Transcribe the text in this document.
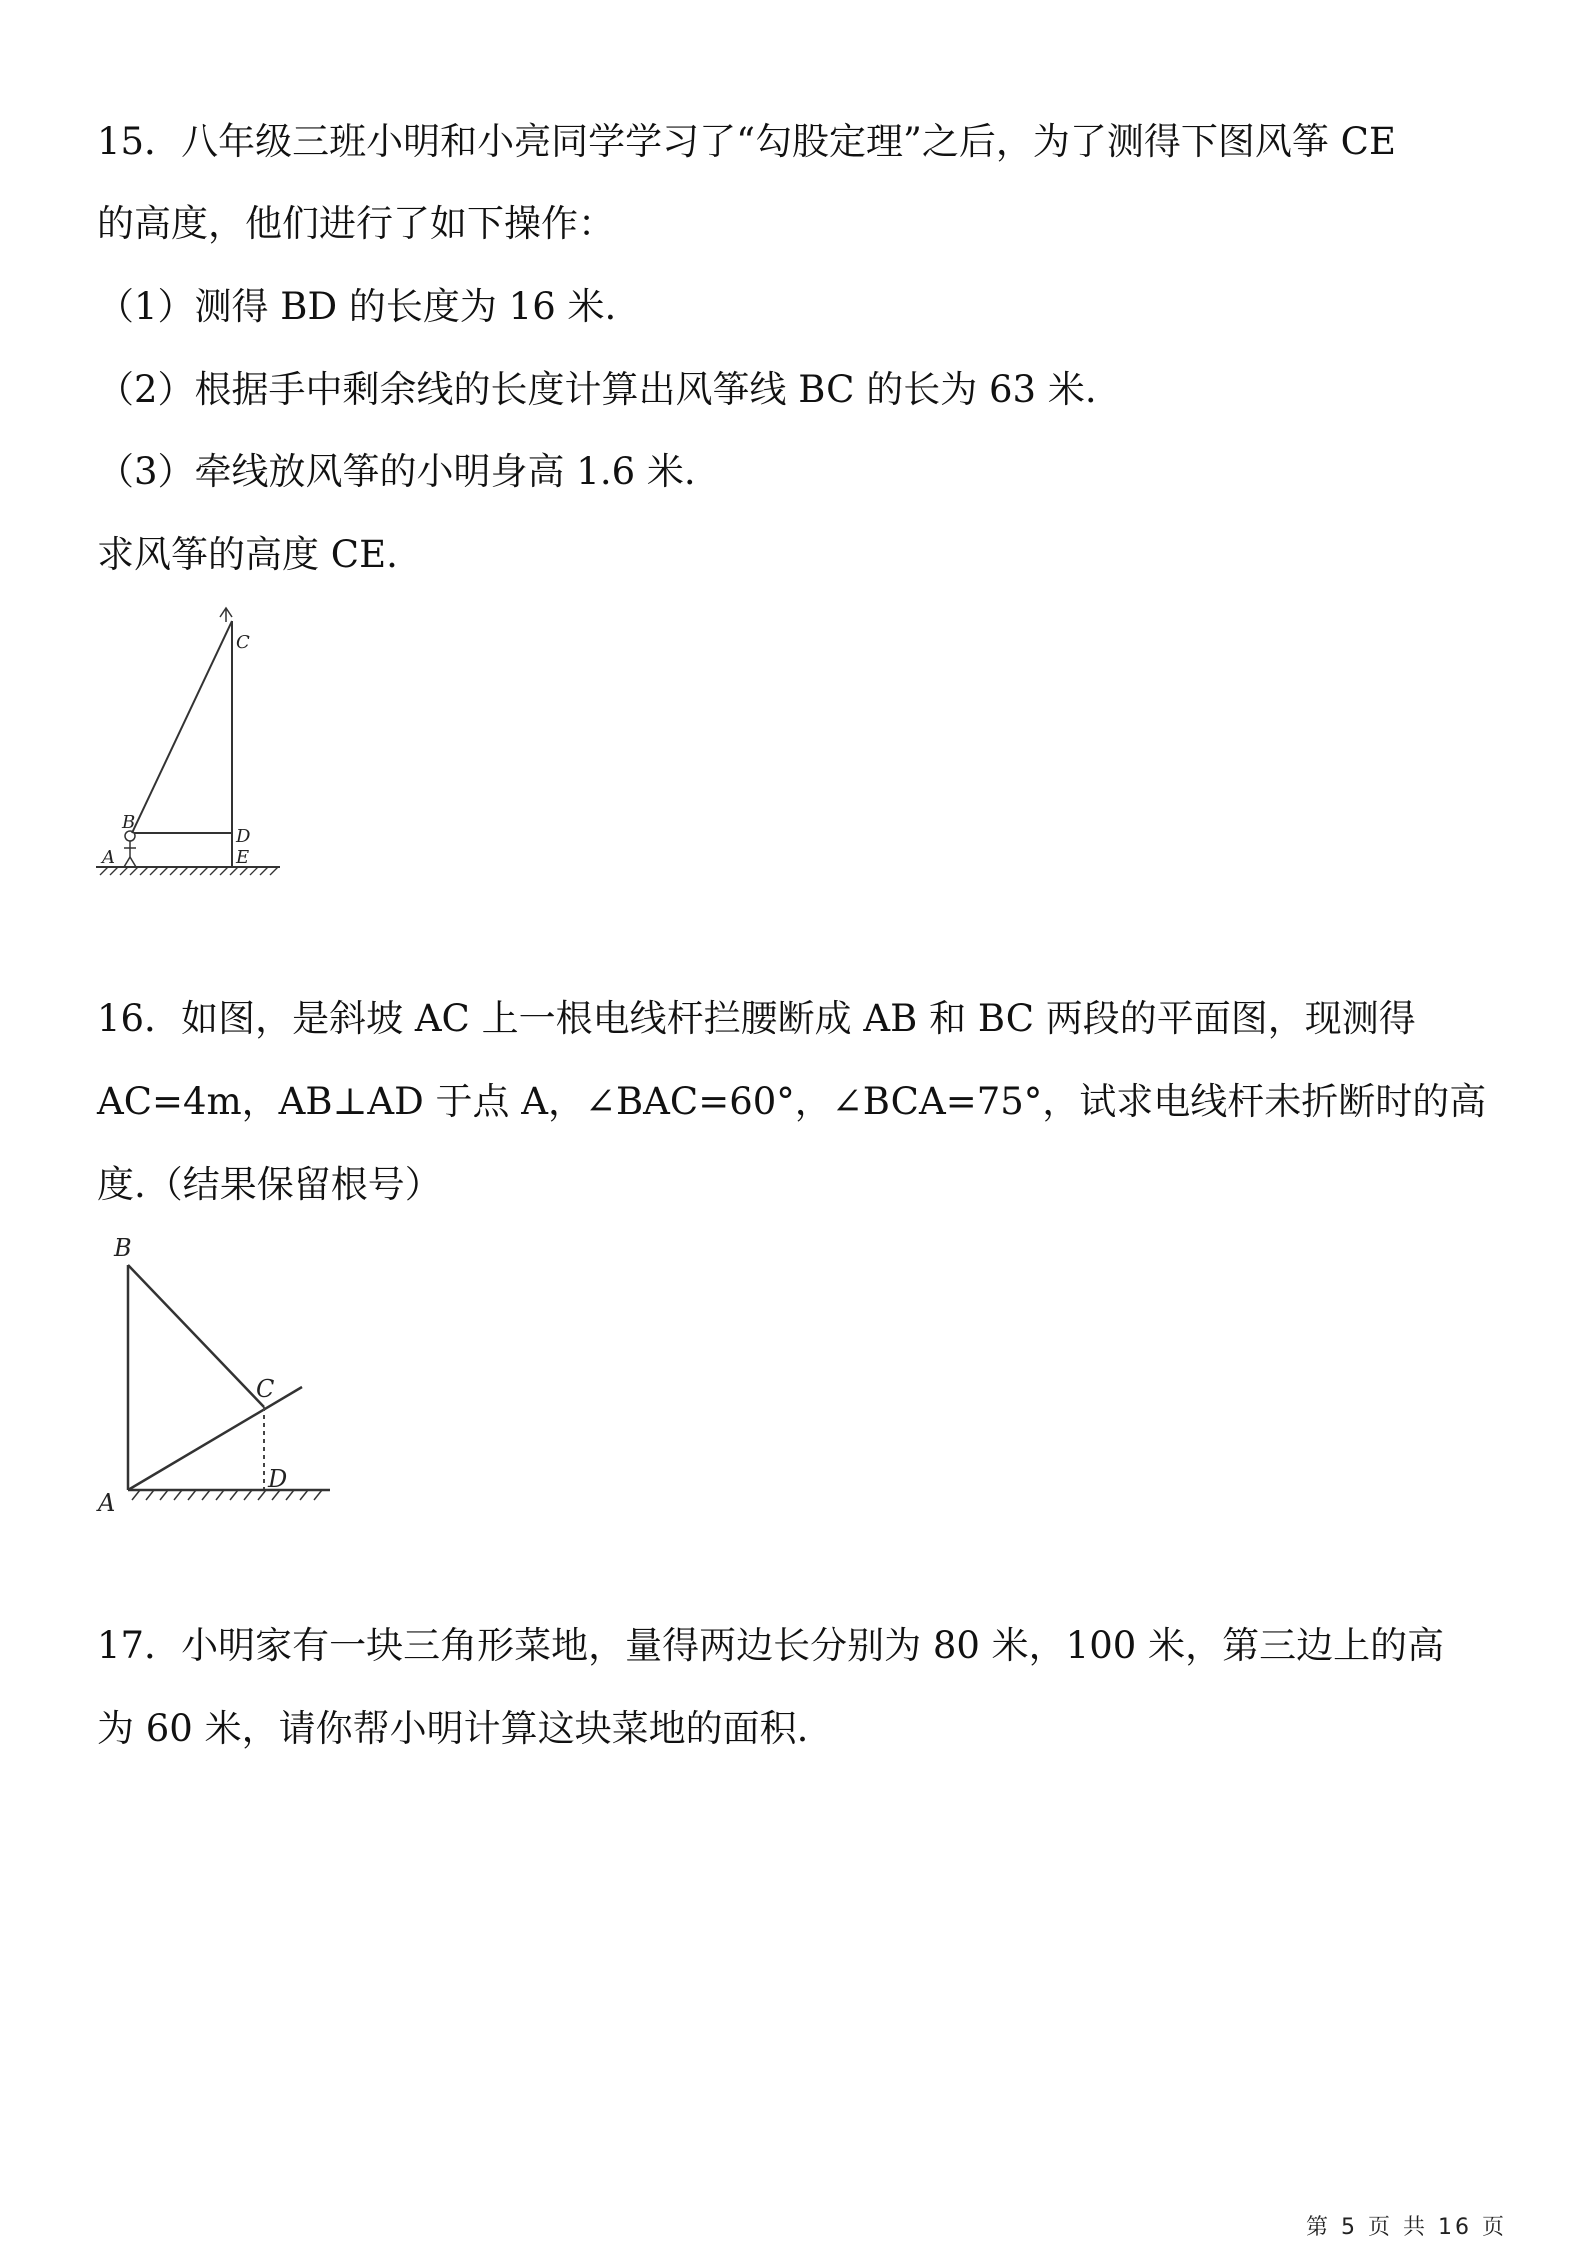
15．八年级三班小明和小亮同学学习了“勾股定理”之后，为了测得下图风筝 CE
的高度，他们进行了如下操作：
（1）测得 BD 的长度为 16 米.
（2）根据手中剩余线的长度计算出风筝线 BC 的长为 63 米.
（3）牵线放风筝的小明身高 1.6 米.
求风筝的高度 CE.
C
B
D
A	E
16．如图，是斜坡 AC 上一根电线杆拦腰断成 AB 和 BC 两段的平面图，现测得
AC=4m，AB⊥AD 于点 A，∠BAC=60°，∠BCA=75°，试求电线杆未折断时的高
度.（结果保留根号）
B
C
D
A
17．小明家有一块三角形菜地，量得两边长分别为 80 米，100 米，第三边上的高
为 60 米，请你帮小明计算这块菜地的面积.
第 5 页 共 16 页
